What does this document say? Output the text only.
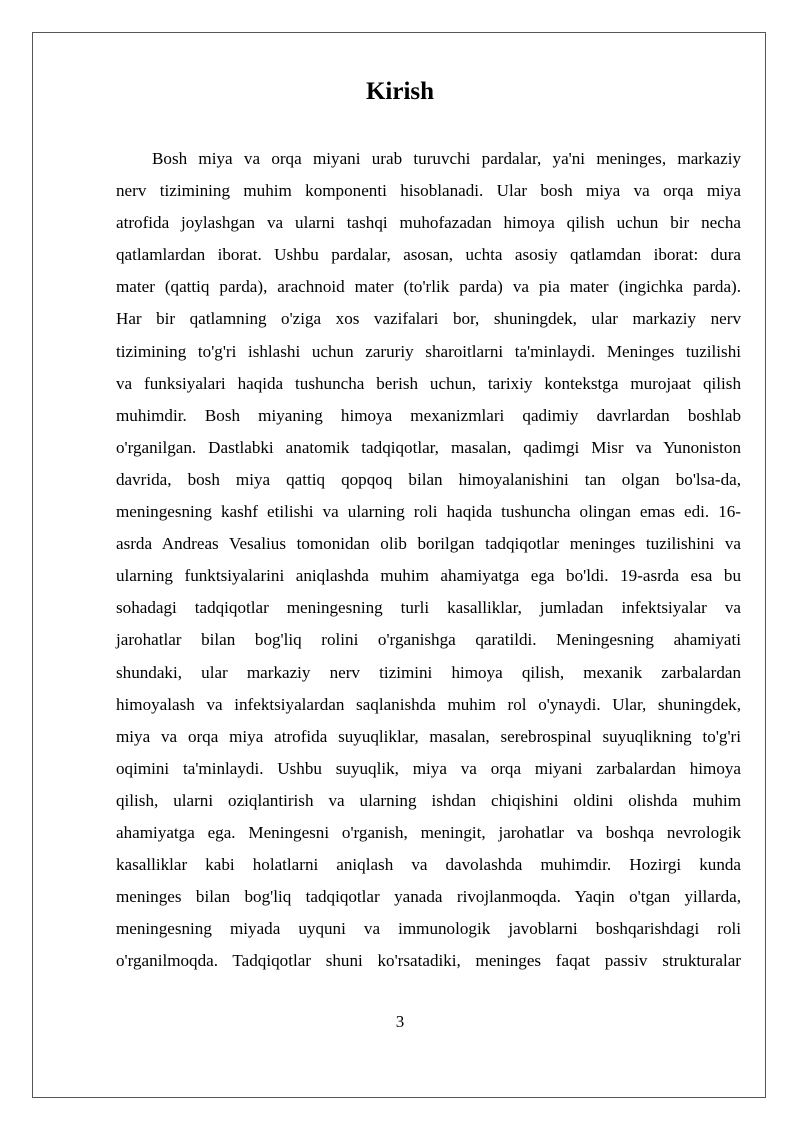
Kirish
Bosh miya va orqa miyani urab turuvchi pardalar, ya'ni meninges, markaziy
nerv tizimining muhim komponenti hisoblanadi. Ular bosh miya va orqa miya
atrofida joylashgan va ularni tashqi muhofazadan himoya qilish uchun bir necha
qatlamlardan iborat. Ushbu pardalar, asosan, uchta asosiy qatlamdan iborat: dura
mater (qattiq parda), arachnoid mater (to'rlik parda) va pia mater (ingichka parda).
Har bir qatlamning o'ziga xos vazifalari bor, shuningdek, ular markaziy nerv
tizimining to'g'ri ishlashi uchun zaruriy sharoitlarni ta'minlaydi. Meninges tuzilishi
va funksiyalari haqida tushuncha berish uchun, tarixiy kontekstga murojaat qilish
muhimdir. Bosh miyaning himoya mexanizmlari qadimiy davrlardan boshlab
o'rganilgan. Dastlabki anatomik tadqiqotlar, masalan, qadimgi Misr va Yunoniston
davrida, bosh miya qattiq qopqoq bilan himoyalanishini tan olgan bo'lsa-da,
meningesning kashf etilishi va ularning roli haqida tushuncha olingan emas edi. 16-
asrda Andreas Vesalius tomonidan olib borilgan tadqiqotlar meninges tuzilishini va
ularning funktsiyalarini aniqlashda muhim ahamiyatga ega bo'ldi. 19-asrda esa bu
sohadagi tadqiqotlar meningesning turli kasalliklar, jumladan infektsiyalar va
jarohatlar bilan bog'liq rolini o'rganishga qaratildi. Meningesning ahamiyati
shundaki, ular markaziy nerv tizimini himoya qilish, mexanik zarbalardan
himoyalash va infektsiyalardan saqlanishda muhim rol o'ynaydi. Ular, shuningdek,
miya va orqa miya atrofida suyuqliklar, masalan, serebrospinal suyuqlikning to'g'ri
oqimini ta'minlaydi. Ushbu suyuqlik, miya va orqa miyani zarbalardan himoya
qilish, ularni oziqlantirish va ularning ishdan chiqishini oldini olishda muhim
ahamiyatga ega. Meningesni o'rganish, meningit, jarohatlar va boshqa nevrologik
kasalliklar kabi holatlarni aniqlash va davolashda muhimdir. Hozirgi kunda
meninges bilan bog'liq tadqiqotlar yanada rivojlanmoqda. Yaqin o'tgan yillarda,
meningesning miyada uyquni va immunologik javoblarni boshqarishdagi roli
o'rganilmoqda. Tadqiqotlar shuni ko'rsatadiki, meninges faqat passiv strukturalar
3
